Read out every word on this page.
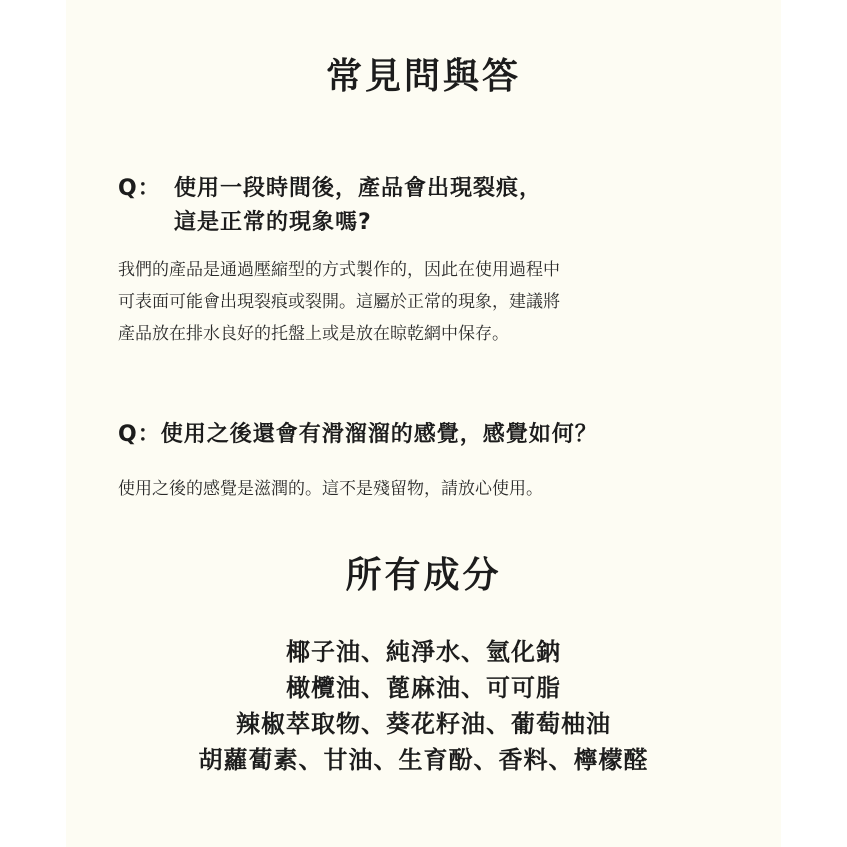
常見問與答
Q： 使用一段時間後，產品會出現裂痕，
這是正常的現象嗎?
我們的產品是通過壓縮型的方式製作的，因此在使用過程中
可表面可能會出現裂痕或裂開。這屬於正常的現象，建議將
產品放在排水良好的托盤上或是放在晾乾網中保存。
Q：使用之後還會有滑溜溜的感覺，感覺如何？
使用之後的感覺是滋潤的。這不是殘留物，請放心使用。
所有成分
椰子油、純淨水、氫化鈉
橄欖油、蓖麻油、可可脂
辣椒萃取物、葵花籽油、葡萄柚油
胡蘿蔔素、甘油、生育酚、香料、檸檬醛
